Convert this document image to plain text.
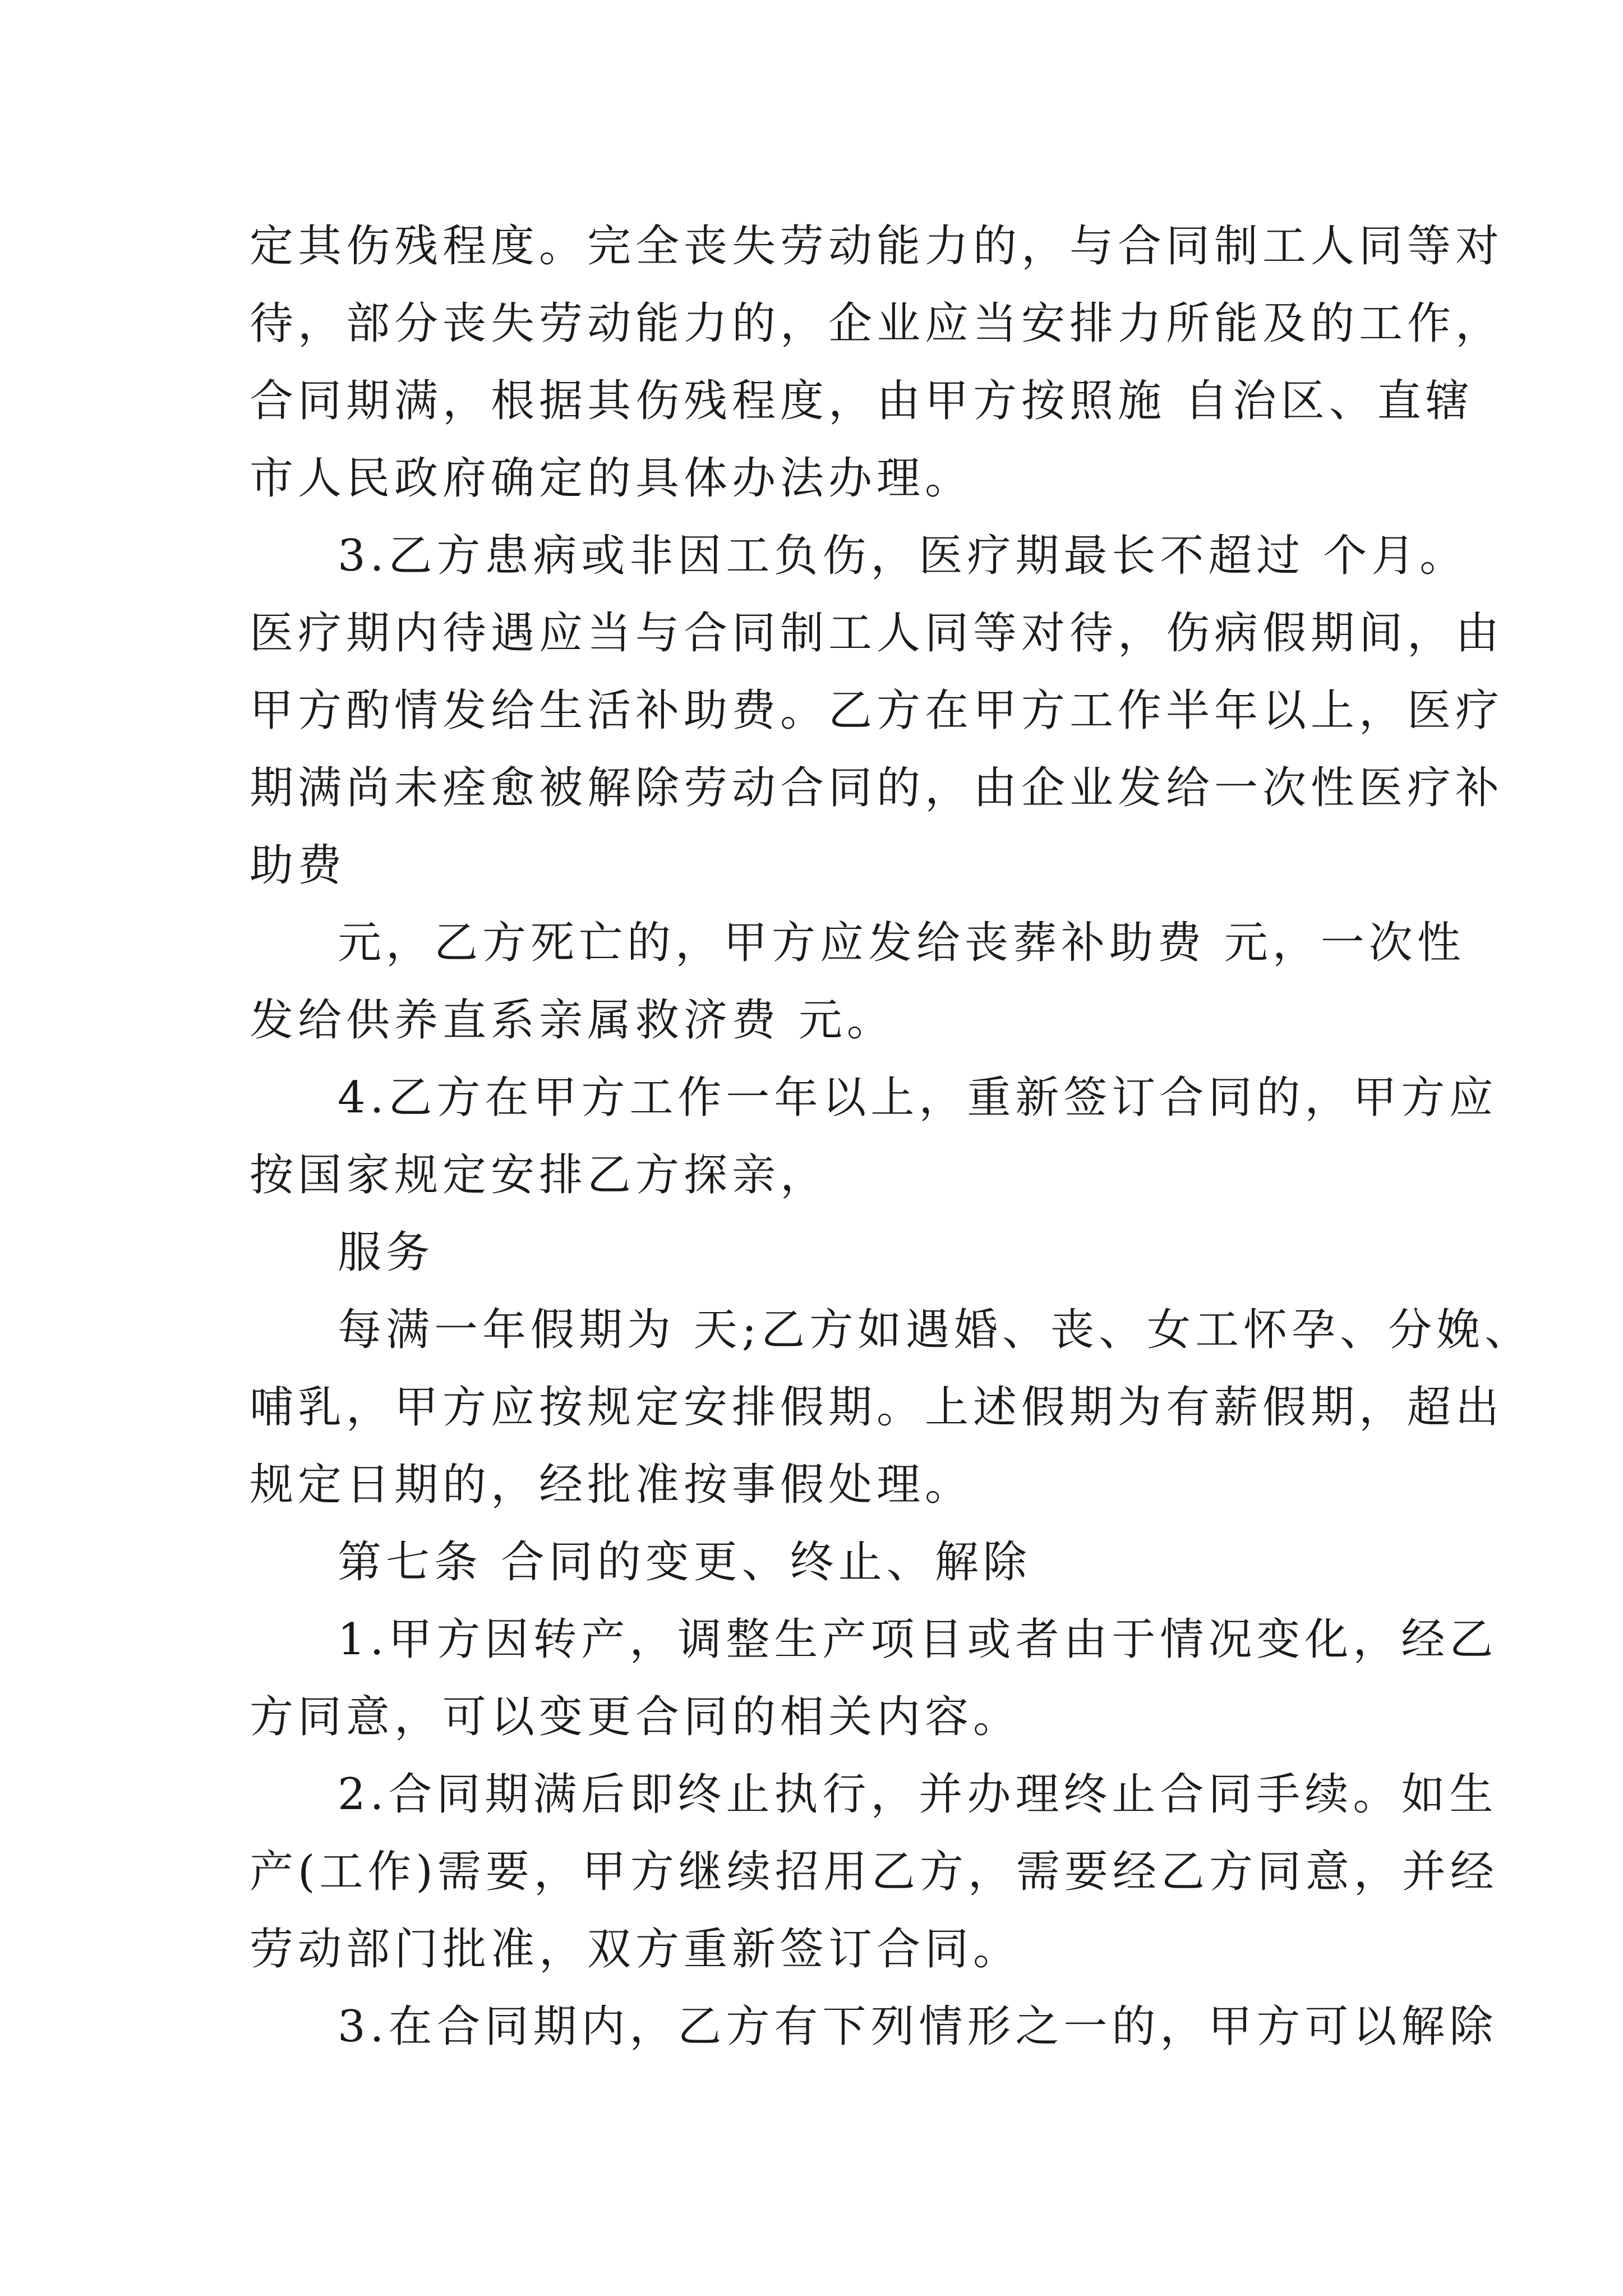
定其伤残程度。完全丧失劳动能力的，与合同制工人同等对
待，部分丧失劳动能力的，企业应当安排力所能及的工作，
合同期满，根据其伤残程度，由甲方按照施 自治区、直辖
市人民政府确定的具体办法办理。
3.乙方患病或非因工负伤，医疗期最长不超过 个月。
医疗期内待遇应当与合同制工人同等对待，伤病假期间，由
甲方酌情发给生活补助费。乙方在甲方工作半年以上，医疗
期满尚未痊愈被解除劳动合同的，由企业发给一次性医疗补
助费
元，乙方死亡的，甲方应发给丧葬补助费 元，一次性
发给供养直系亲属救济费 元。
4.乙方在甲方工作一年以上，重新签订合同的，甲方应
按国家规定安排乙方探亲，
服务
每满一年假期为 天;乙方如遇婚、丧、女工怀孕、分娩、
哺乳，甲方应按规定安排假期。上述假期为有薪假期，超出
规定日期的，经批准按事假处理。
第七条 合同的变更、终止、解除
1.甲方因转产，调整生产项目或者由于情况变化，经乙
方同意，可以变更合同的相关内容。
2.合同期满后即终止执行，并办理终止合同手续。如生
产(工作)需要，甲方继续招用乙方，需要经乙方同意，并经
劳动部门批准，双方重新签订合同。
3.在合同期内，乙方有下列情形之一的，甲方可以解除
